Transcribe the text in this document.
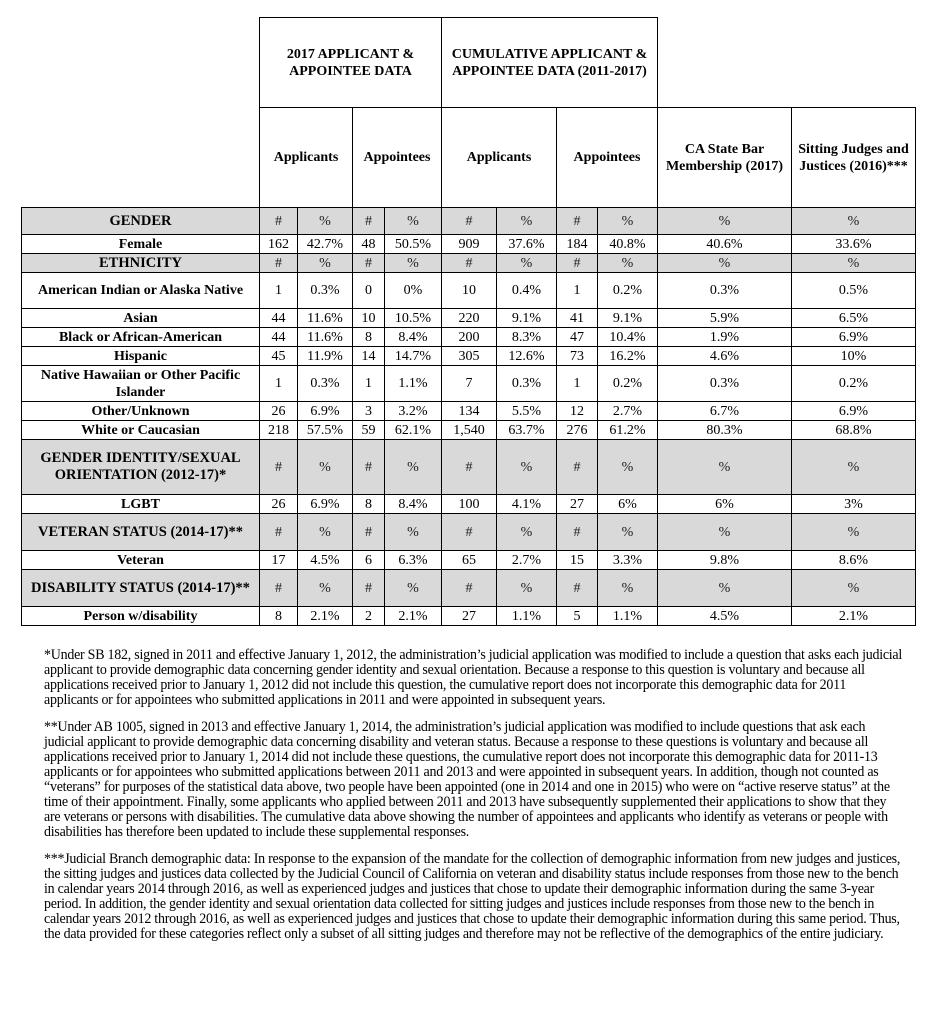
	2017 APPLICANT & APPOINTEE DATA				CUMULATIVE APPLICANT & APPOINTEE DATA (2011-2017)					
	Applicants		Appointees		Applicants		Appointees		CA State Bar Membership (2017)	Sitting Judges and Justices (2016)***
GENDER	#	%	#	%	#	%	#	%	%	%
Female	162	42.7%	48	50.5%	909	37.6%	184	40.8%	40.6%	33.6%
ETHNICITY	#	%	#	%	#	%	#	%	%	%
American Indian or Alaska Native	1	0.3%	0	0%	10	0.4%	1	0.2%	0.3%	0.5%
Asian	44	11.6%	10	10.5%	220	9.1%	41	9.1%	5.9%	6.5%
Black or African-American	44	11.6%	8	8.4%	200	8.3%	47	10.4%	1.9%	6.9%
Hispanic	45	11.9%	14	14.7%	305	12.6%	73	16.2%	4.6%	10%
Native Hawaiian or Other Pacific Islander	1	0.3%	1	1.1%	7	0.3%	1	0.2%	0.3%	0.2%
Other/Unknown	26	6.9%	3	3.2%	134	5.5%	12	2.7%	6.7%	6.9%
White or Caucasian	218	57.5%	59	62.1%	1,540	63.7%	276	61.2%	80.3%	68.8%
GENDER IDENTITY/SEXUAL ORIENTATION (2012-17)*	#	%	#	%	#	%	#	%	%	%
LGBT	26	6.9%	8	8.4%	100	4.1%	27	6%	6%	3%
VETERAN STATUS (2014-17)**	#	%	#	%	#	%	#	%	%	%
Veteran	17	4.5%	6	6.3%	65	2.7%	15	3.3%	9.8%	8.6%
DISABILITY STATUS (2014-17)**	#	%	#	%	#	%	#	%	%	%
Person w/disability	8	2.1%	2	2.1%	27	1.1%	5	1.1%	4.5%	2.1%

*Under SB 182, signed in 2011 and effective January 1, 2012, the administration’s judicial application was modified to include a question that asks each judicial applicant to provide demographic data concerning gender identity and sexual orientation. Because a response to this question is voluntary and because all applications received prior to January 1, 2012 did not include this question, the cumulative report does not incorporate this demographic data for 2011 applicants or for appointees who submitted applications in 2011 and were appointed in subsequent years.

**Under AB 1005, signed in 2013 and effective January 1, 2014, the administration’s judicial application was modified to include questions that ask each judicial applicant to provide demographic data concerning disability and veteran status. Because a response to these questions is voluntary and because all applications received prior to January 1, 2014 did not include these questions, the cumulative report does not incorporate this demographic data for 2011-13 applicants or for appointees who submitted applications between 2011 and 2013 and were appointed in subsequent years. In addition, though not counted as “veterans” for purposes of the statistical data above, two people have been appointed (one in 2014 and one in 2015) who were on “active reserve status” at the time of their appointment. Finally, some applicants who applied between 2011 and 2013 have subsequently supplemented their applications to show that they are veterans or persons with disabilities. The cumulative data above showing the number of appointees and applicants who identify as veterans or people with disabilities has therefore been updated to include these supplemental responses.

***Judicial Branch demographic data: In response to the expansion of the mandate for the collection of demographic information from new judges and justices, the sitting judges and justices data collected by the Judicial Council of California on veteran and disability status include responses from those new to the bench in calendar years 2014 through 2016, as well as experienced judges and justices that chose to update their demographic information during the same 3-year period. In addition, the gender identity and sexual orientation data collected for sitting judges and justices include responses from those new to the bench in calendar years 2012 through 2016, as well as experienced judges and justices that chose to update their demographic information during this same period. Thus, the data provided for these categories reflect only a subset of all sitting judges and therefore may not be reflective of the demographics of the entire judiciary.
